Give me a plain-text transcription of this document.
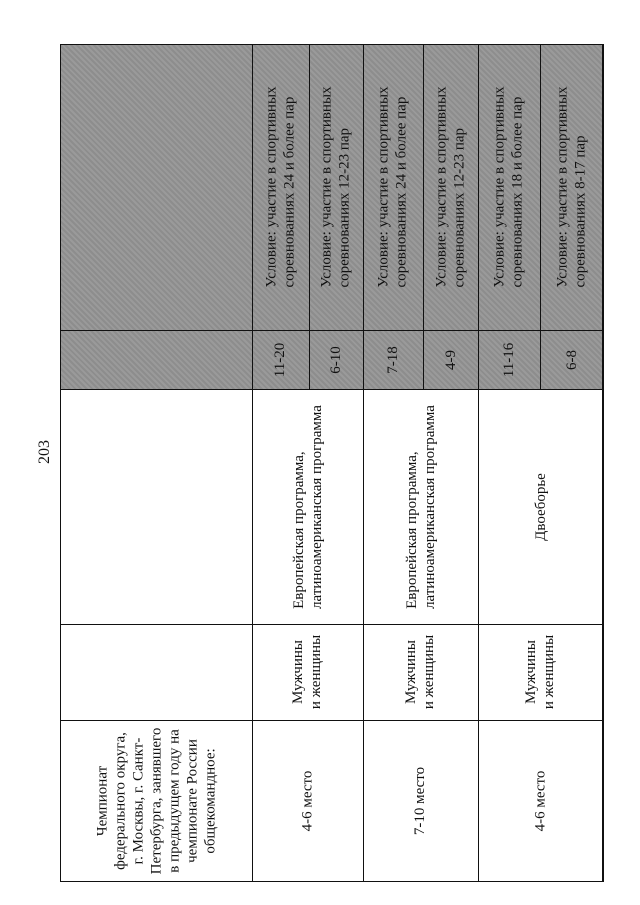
203
Чемпионат федерального округа, г. Москвы, г. Санкт- Петербурга, занявшего в предыдущем году на чемпионате России общекомандное:	4-6 место
Мужчины и женщины
Европейская программа, латиноамериканская программа
11-20
Условие: участие в спортивных соревнованиях 24 и более пар
6-10
Условие: участие в спортивных соревнованиях 12-23 пар
7-10 место
Мужчины и женщины
Европейская программа, латиноамериканская программа
7-18
Условие: участие в спортивных соревнованиях 24 и более пар
4-9
Условие: участие в спортивных соревнованиях 12-23 пар
4-6 место
Мужчины и женщины
Двоеборье
11-16
Условие: участие в спортивных соревнованиях 18 и более пар
6-8
Условие: участие в спортивных соревнованиях 8-17 пар
